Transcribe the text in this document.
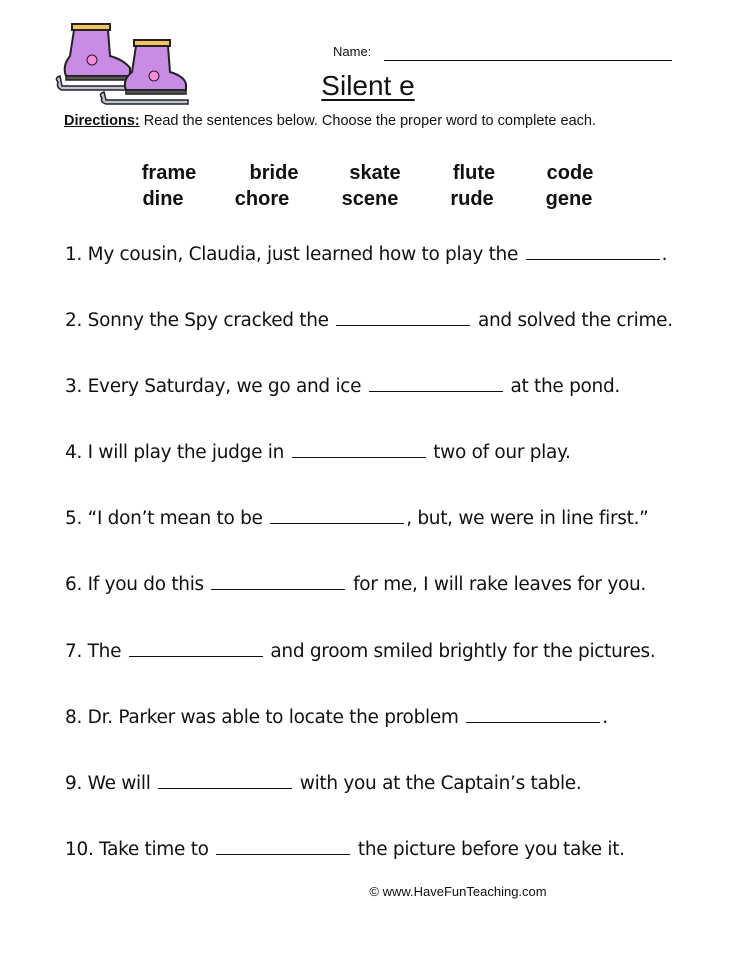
Name:
Silent e
Directions: Read the sentences below. Choose the proper word to complete each.
frame	bride	skate	flute	code
dine	chore	scene	rude	gene
1. My cousin, Claudia, just learned how to play the	.
2. Sonny the Spy cracked the	and solved the crime.
3. Every Saturday, we go and ice	at the pond.
4. I will play the judge in	two of our play.
5. “I don’t mean to be	, but, we were in line first.”
6. If you do this	for me, I will rake leaves for you.
7. The	and groom smiled brightly for the pictures.
8. Dr. Parker was able to locate the problem	.
9. We will	with you at the Captain’s table.
10. Take time to	the picture before you take it.
© www.HaveFunTeaching.com
